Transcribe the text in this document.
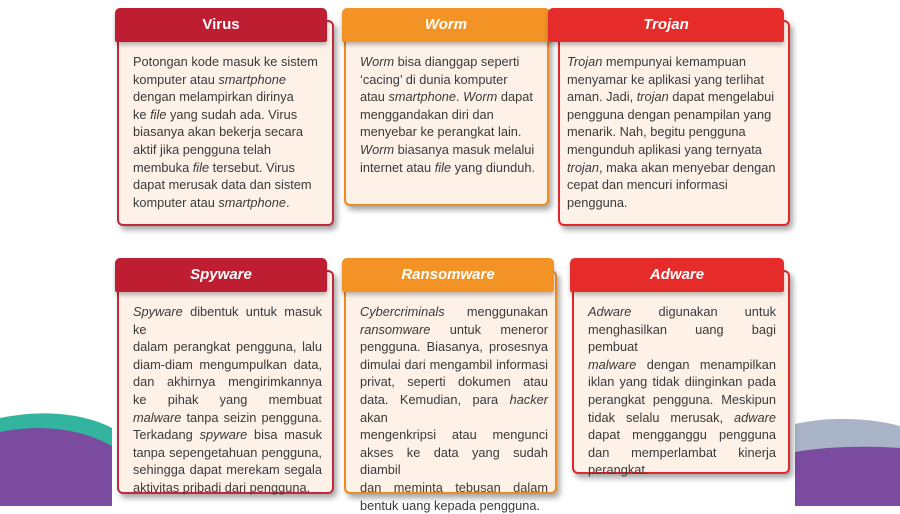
Virus
Potongan kode masuk ke sistem
komputer atau smartphone
dengan melampirkan dirinya
ke file yang sudah ada. Virus
biasanya akan bekerja secara
aktif jika pengguna telah
membuka file tersebut. Virus
dapat merusak data dan sistem
komputer atau smartphone.
Worm
Worm bisa dianggap seperti
‘cacing’ di dunia komputer
atau smartphone. Worm dapat
menggandakan diri dan
menyebar ke perangkat lain.
Worm biasanya masuk melalui
internet atau file yang diunduh.
Trojan
Trojan mempunyai kemampuan
menyamar ke aplikasi yang terlihat
aman. Jadi, trojan dapat mengelabui
pengguna dengan penampilan yang
menarik. Nah, begitu pengguna
mengunduh aplikasi yang ternyata
trojan, maka akan menyebar dengan
cepat dan mencuri informasi
pengguna.
Spyware
Spyware dibentuk untuk masuk ke
dalam perangkat pengguna, lalu
diam-diam mengumpulkan data,
dan akhirnya mengirimkannya
ke pihak yang membuat
malware tanpa seizin pengguna.
Terkadang spyware bisa masuk
tanpa sepengetahuan pengguna,
sehingga dapat merekam segala
aktivitas pribadi dari pengguna.
Ransomware
Cybercriminals menggunakan
ransomware untuk meneror
pengguna. Biasanya, prosesnya
dimulai dari mengambil informasi
privat, seperti dokumen atau
data. Kemudian, para hacker akan
mengenkripsi atau mengunci
akses ke data yang sudah diambil
dan meminta tebusan dalam
bentuk uang kepada pengguna.
Adware
Adware digunakan untuk
menghasilkan uang bagi pembuat
malware dengan menampilkan
iklan yang tidak diinginkan pada
perangkat pengguna. Meskipun
tidak selalu merusak, adware
dapat mengganggu pengguna
dan memperlambat kinerja
perangkat.
